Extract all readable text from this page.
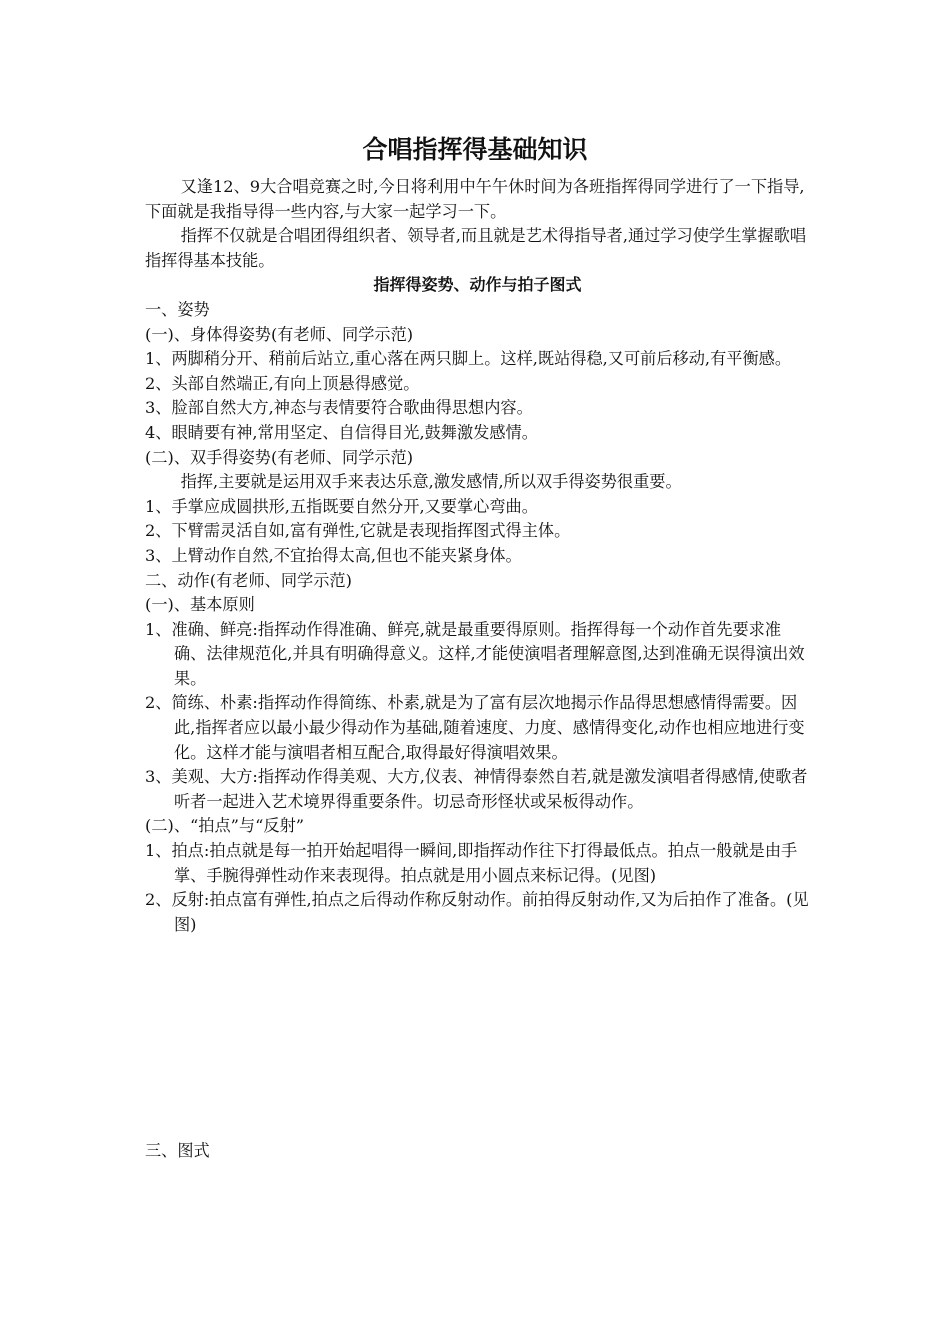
合唱指挥得基础知识

又逢12、9大合唱竞赛之时,今日将利用中午午休时间为各班指挥得同学进行了一下指导,下面就是我指导得一些内容,与大家一起学习一下。

指挥不仅就是合唱团得组织者、领导者,而且就是艺术得指导者,通过学习使学生掌握歌唱指挥得基本技能。

指挥得姿势、动作与拍子图式

一、姿势

(一)、身体得姿势(有老师、同学示范)

1、两脚稍分开、稍前后站立,重心落在两只脚上。这样,既站得稳,又可前后移动,有平衡感。

2、头部自然端正,有向上顶悬得感觉。

3、脸部自然大方,神态与表情要符合歌曲得思想内容。

4、眼睛要有神,常用坚定、自信得目光,鼓舞激发感情。

(二)、双手得姿势(有老师、同学示范)

指挥,主要就是运用双手来表达乐意,激发感情,所以双手得姿势很重要。

1、手掌应成圆拱形,五指既要自然分开,又要掌心弯曲。

2、下臂需灵活自如,富有弹性,它就是表现指挥图式得主体。

3、上臂动作自然,不宜抬得太高,但也不能夹紧身体。

二、动作(有老师、同学示范)

(一)、基本原则

1、准确、鲜亮:指挥动作得准确、鲜亮,就是最重要得原则。指挥得每一个动作首先要求准确、法律规范化,并具有明确得意义。这样,才能使演唱者理解意图,达到准确无误得演出效果。

2、简练、朴素:指挥动作得简练、朴素,就是为了富有层次地揭示作品得思想感情得需要。因此,指挥者应以最小最少得动作为基础,随着速度、力度、感情得变化,动作也相应地进行变化。这样才能与演唱者相互配合,取得最好得演唱效果。

3、美观、大方:指挥动作得美观、大方,仪表、神情得泰然自若,就是激发演唱者得感情,使歌者听者一起进入艺术境界得重要条件。切忌奇形怪状或呆板得动作。

(二)、“拍点”与“反射”

1、拍点:拍点就是每一拍开始起唱得一瞬间,即指挥动作往下打得最低点。拍点一般就是由手掌、手腕得弹性动作来表现得。拍点就是用小圆点来标记得。(见图)

2、反射:拍点富有弹性,拍点之后得动作称反射动作。前拍得反射动作,又为后拍作了准备。(见图)

三、图式
